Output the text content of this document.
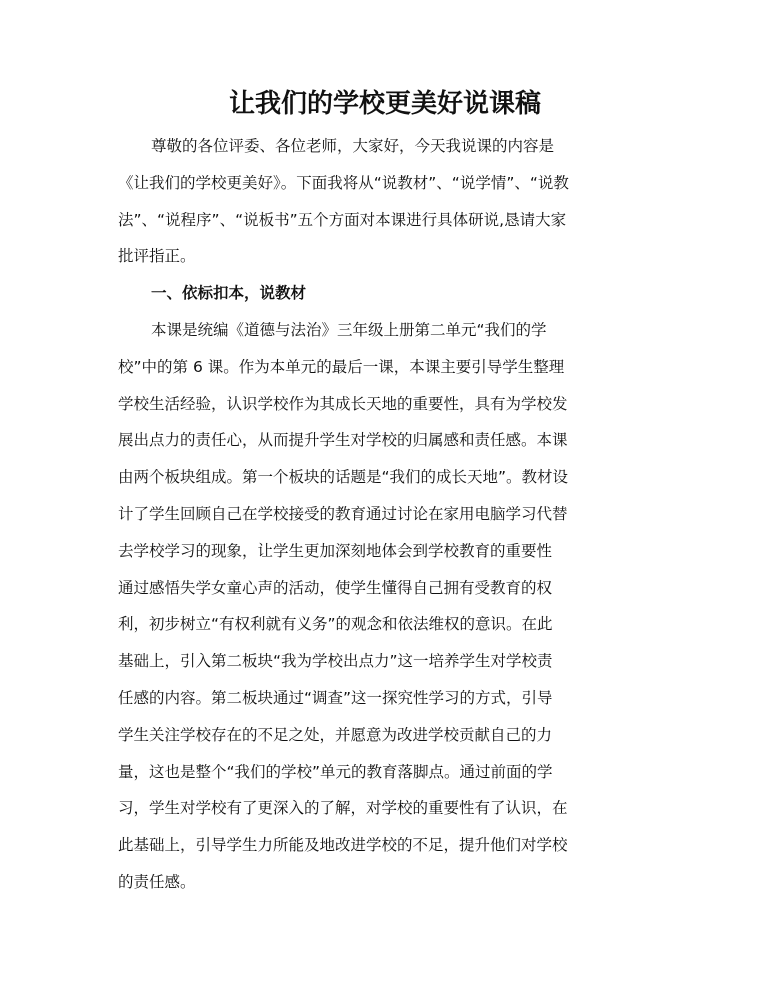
让我们的学校更美好说课稿
尊敬的各位评委、各位老师，大家好，今天我说课的内容是
《让我们的学校更美好》。下面我将从“说教材”、“说学情”、“说教
法”、“说程序”、“说板书”五个方面对本课进行具体研说,恳请大家
批评指正。
一、依标扣本，说教材
本课是统编《道德与法治》三年级上册第二单元“我们的学
校”中的第 6 课。作为本单元的最后一课，本课主要引导学生整理
学校生活经验，认识学校作为其成长天地的重要性，具有为学校发
展出点力的责任心，从而提升学生对学校的归属感和责任感。本课
由两个板块组成。第一个板块的话题是“我们的成长天地”。教材设
计了学生回顾自己在学校接受的教育通过讨论在家用电脑学习代替
去学校学习的现象，让学生更加深刻地体会到学校教育的重要性
通过感悟失学女童心声的活动，使学生懂得自己拥有受教育的权
利，初步树立“有权利就有义务”的观念和依法维权的意识。在此
基础上，引入第二板块“我为学校出点力”这一培养学生对学校责
任感的内容。第二板块通过“调查”这一探究性学习的方式，引导
学生关注学校存在的不足之处，并愿意为改进学校贡献自己的力
量，这也是整个“我们的学校”单元的教育落脚点。通过前面的学
习，学生对学校有了更深入的了解，对学校的重要性有了认识，在
此基础上，引导学生力所能及地改进学校的不足，提升他们对学校
的责任感。
